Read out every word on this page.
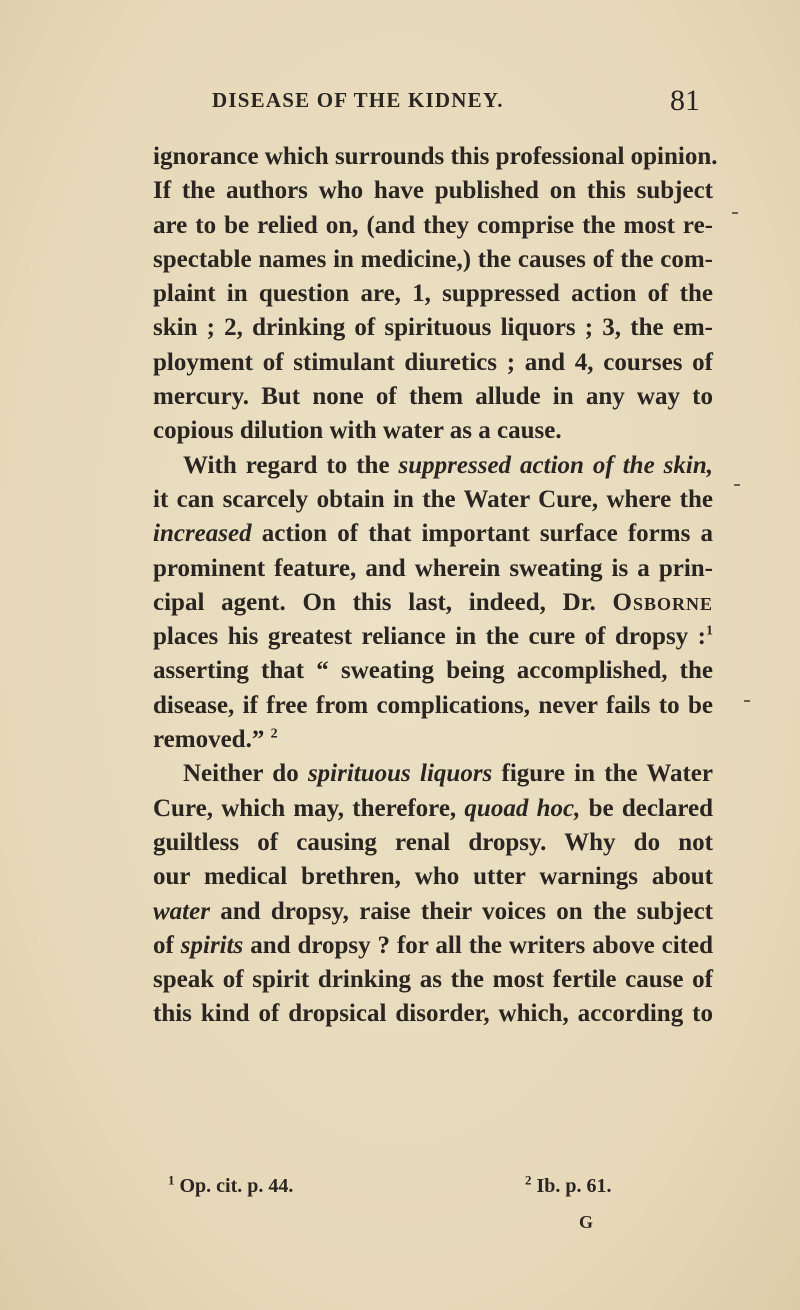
DISEASE OF THE KIDNEY.	81
ignorance which surrounds this professional opinion.
If the authors who have published on this subject
are to be relied on, (and they comprise the most re-
spectable names in medicine,) the causes of the com-
plaint in question are, 1, suppressed action of the
skin ; 2, drinking of spirituous liquors ; 3, the em-
ployment of stimulant diuretics ; and 4, courses of
mercury. But none of them allude in any way to
copious dilution with water as a cause.
With regard to the suppressed action of the skin,
it can scarcely obtain in the Water Cure, where the
increased action of that important surface forms a
prominent feature, and wherein sweating is a prin-
cipal agent. On this last, indeed, Dr. Osborne
places his greatest reliance in the cure of dropsy :$^1$
asserting that “ sweating being accomplished, the
disease, if free from complications, never fails to be
removed.” $^2$
Neither do spirituous liquors figure in the Water
Cure, which may, therefore, quoad hoc, be declared
guiltless of causing renal dropsy. Why do not
our medical brethren, who utter warnings about
water and dropsy, raise their voices on the subject
of spirits and dropsy ? for all the writers above cited
speak of spirit drinking as the most fertile cause of
this kind of dropsical disorder, which, according to
$^1$ Op. cit. p. 44.	$^2$ Ib. p. 61.
G
